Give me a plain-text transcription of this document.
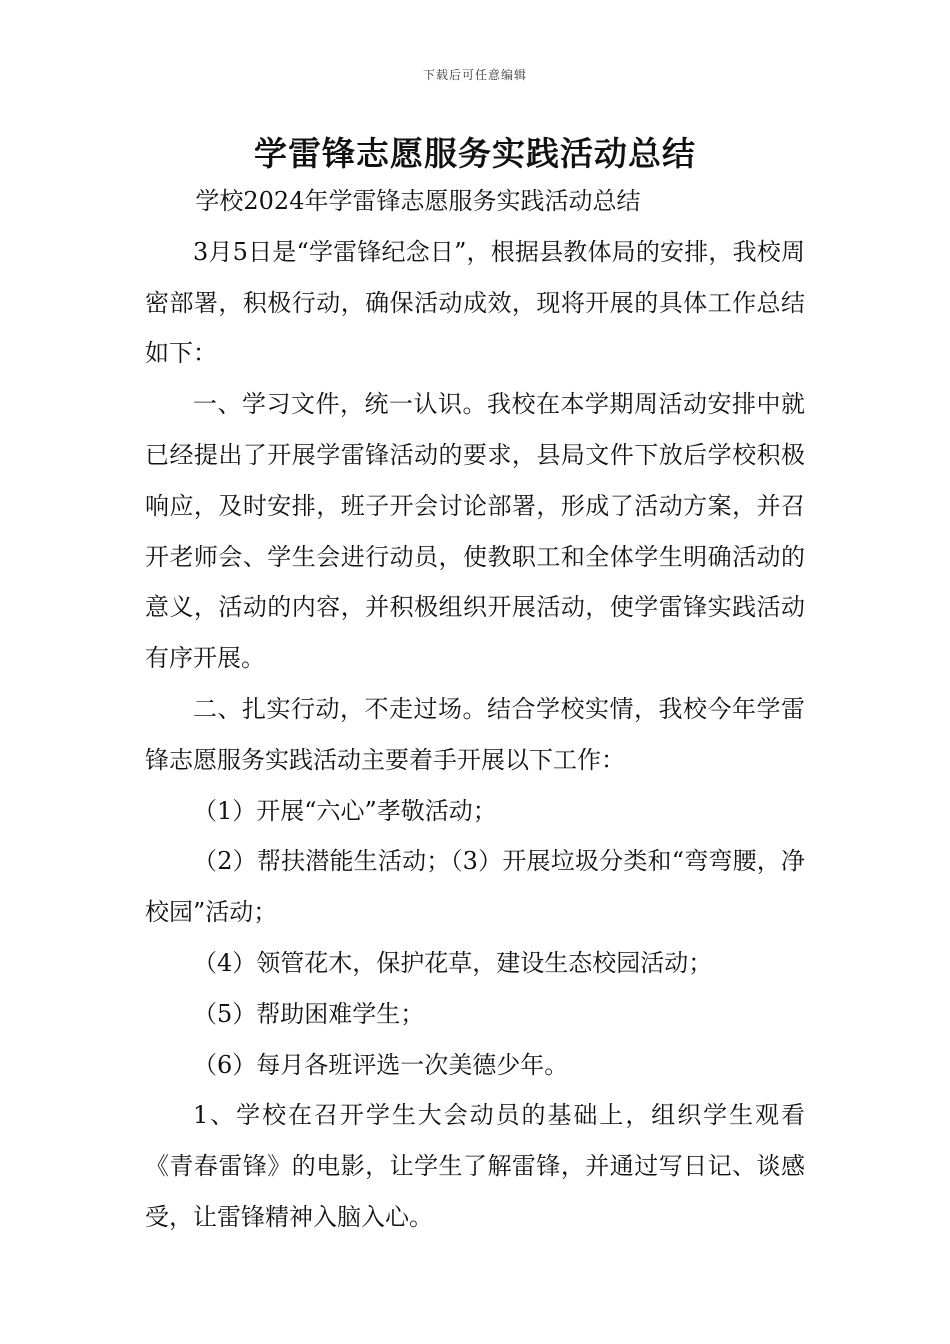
下载后可任意编辑
学雷锋志愿服务实践活动总结

学校2024年学雷锋志愿服务实践活动总结

3月5日是“学雷锋纪念日”，根据县教体局的安排，我校周密部署，积极行动，确保活动成效，现将开展的具体工作总结如下：

一、学习文件，统一认识。我校在本学期周活动安排中就已经提出了开展学雷锋活动的要求，县局文件下放后学校积极响应，及时安排，班子开会讨论部署，形成了活动方案，并召开老师会、学生会进行动员，使教职工和全体学生明确活动的意义，活动的内容，并积极组织开展活动，使学雷锋实践活动有序开展。

二、扎实行动，不走过场。结合学校实情，我校今年学雷锋志愿服务实践活动主要着手开展以下工作：

（1）开展“六心”孝敬活动；

（2）帮扶潜能生活动；（3）开展垃圾分类和“弯弯腰，净校园”活动；

（4）领管花木，保护花草，建设生态校园活动；

（5）帮助困难学生；

（6）每月各班评选一次美德少年。

1、学校在召开学生大会动员的基础上，组织学生观看《青春雷锋》的电影，让学生了解雷锋，并通过写日记、谈感受，让雷锋精神入脑入心。
